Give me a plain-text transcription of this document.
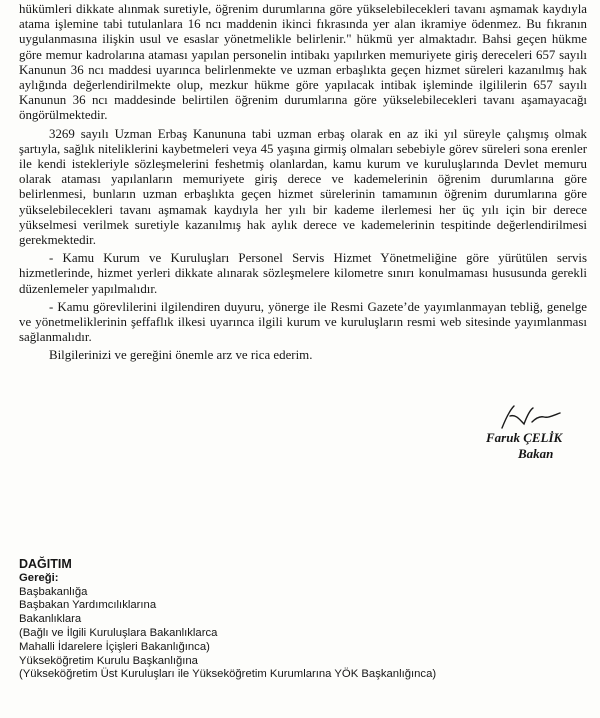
hükümleri dikkate alınmak suretiyle, öğrenim durumlarına göre yükselebilecekleri tavanı aşmamak kaydıyla atama işlemine tabi tutulanlara 16 ncı maddenin ikinci fıkrasında yer alan ikramiye ödenmez. Bu fıkranın uygulanmasına ilişkin usul ve esaslar yönetmelikle belirlenir." hükmü yer almaktadır. Bahsi geçen hükme göre memur kadrolarına ataması yapılan personelin intibakı yapılırken memuriyete giriş dereceleri 657 sayılı Kanunun 36 ncı maddesi uyarınca belirlenmekte ve uzman erbaşlıkta geçen hizmet süreleri kazanılmış hak aylığında değerlendirilmekte olup, mezkur hükme göre yapılacak intibak işleminde ilgililerin 657 sayılı Kanunun 36 ncı maddesinde belirtilen öğrenim durumlarına göre yükselebilecekleri tavanı aşamayacağı öngörülmektedir.

3269 sayılı Uzman Erbaş Kanununa tabi uzman erbaş olarak en az iki yıl süreyle çalışmış olmak şartıyla, sağlık niteliklerini kaybetmeleri veya 45 yaşına girmiş olmaları sebebiyle görev süreleri sona erenler ile kendi istekleriyle sözleşmelerini feshetmiş olanlardan, kamu kurum ve kuruluşlarında Devlet memuru olarak ataması yapılanların memuriyete giriş derece ve kademelerinin öğrenim durumlarına göre belirlenmesi, bunların uzman erbaşlıkta geçen hizmet sürelerinin tamamının öğrenim durumlarına göre yükselebilecekleri tavanı aşmamak kaydıyla her yılı bir kademe ilerlemesi her üç yılı için bir derece yükselmesi verilmek suretiyle kazanılmış hak aylık derece ve kademelerinin tespitinde değerlendirilmesi gerekmektedir.

- Kamu Kurum ve Kuruluşları Personel Servis Hizmet Yönetmeliğine göre yürütülen servis hizmetlerinde, hizmet yerleri dikkate alınarak sözleşmelere kilometre sınırı konulmaması hususunda gerekli düzenlemeler yapılmalıdır.

- Kamu görevlilerini ilgilendiren duyuru, yönerge ile Resmi Gazete’de yayımlanmayan tebliğ, genelge ve yönetmeliklerinin şeffaflık ilkesi uyarınca ilgili kurum ve kuruluşların resmi web sitesinde yayımlanması sağlanmalıdır.

Bilgilerinizi ve gereğini önemle arz ve rica ederim.

Faruk ÇELİK
Bakan
DAĞITIM
Gereği:
Başbakanlığa
Başbakan Yardımcılıklarına
Bakanlıklara
(Bağlı ve İlgili Kuruluşlara Bakanlıklarca
Mahalli İdarelere İçişleri Bakanlığınca)
Yükseköğretim Kurulu Başkanlığına
(Yükseköğretim Üst Kuruluşları ile Yükseköğretim Kurumlarına YÖK Başkanlığınca)
